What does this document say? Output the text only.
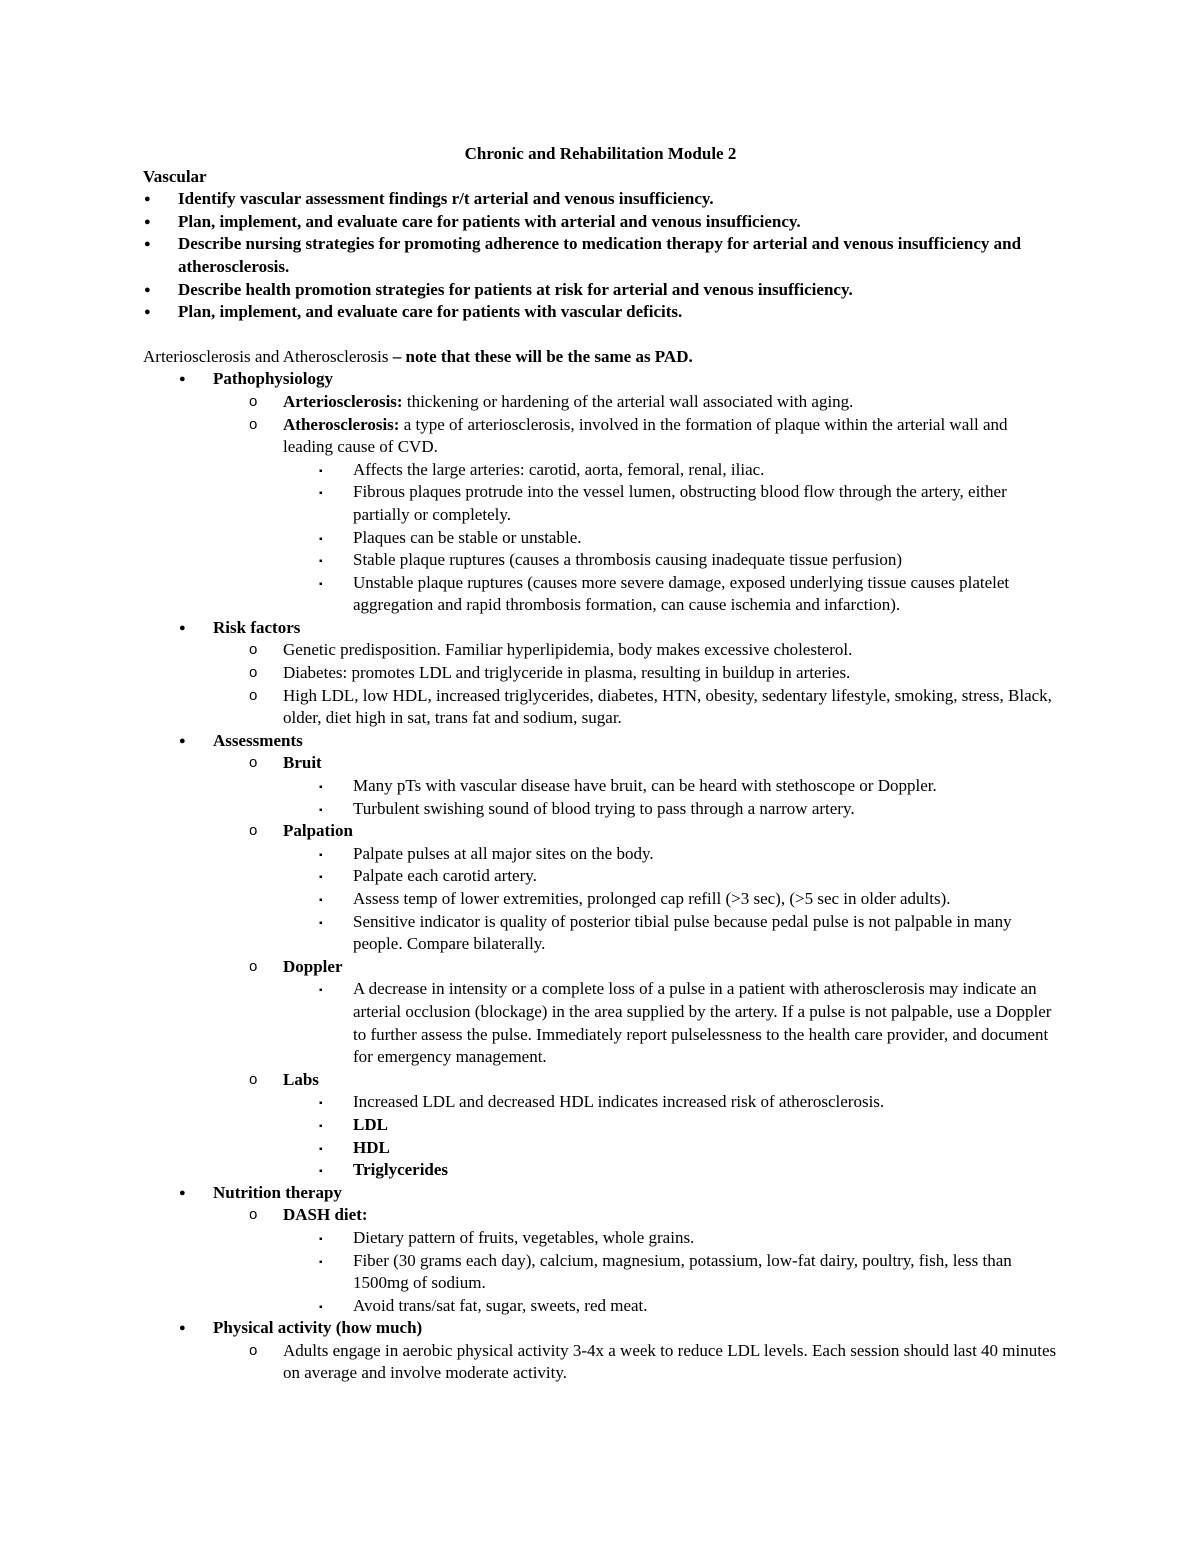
Chronic and Rehabilitation Module 2

Vascular

● Identify vascular assessment findings r/t arterial and venous insufficiency.
● Plan, implement, and evaluate care for patients with arterial and venous insufficiency.
● Describe nursing strategies for promoting adherence to medication therapy for arterial and venous insufficiency and atherosclerosis.
● Describe health promotion strategies for patients at risk for arterial and venous insufficiency.
● Plan, implement, and evaluate care for patients with vascular deficits.

Arteriosclerosis and Atherosclerosis – note that these will be the same as PAD.

● Pathophysiology
o Arteriosclerosis: thickening or hardening of the arterial wall associated with aging.
o Atherosclerosis: a type of arteriosclerosis, involved in the formation of plaque within the arterial wall and leading cause of CVD.
▪ Affects the large arteries: carotid, aorta, femoral, renal, iliac.
▪ Fibrous plaques protrude into the vessel lumen, obstructing blood flow through the artery, either partially or completely.
▪ Plaques can be stable or unstable.
▪ Stable plaque ruptures (causes a thrombosis causing inadequate tissue perfusion)
▪ Unstable plaque ruptures (causes more severe damage, exposed underlying tissue causes platelet aggregation and rapid thrombosis formation, can cause ischemia and infarction).
● Risk factors
o Genetic predisposition. Familiar hyperlipidemia, body makes excessive cholesterol.
o Diabetes: promotes LDL and triglyceride in plasma, resulting in buildup in arteries.
o High LDL, low HDL, increased triglycerides, diabetes, HTN, obesity, sedentary lifestyle, smoking, stress, Black, older, diet high in sat, trans fat and sodium, sugar.
● Assessments
o Bruit
▪ Many pTs with vascular disease have bruit, can be heard with stethoscope or Doppler.
▪ Turbulent swishing sound of blood trying to pass through a narrow artery.
o Palpation
▪ Palpate pulses at all major sites on the body.
▪ Palpate each carotid artery.
▪ Assess temp of lower extremities, prolonged cap refill (>3 sec), (>5 sec in older adults).
▪ Sensitive indicator is quality of posterior tibial pulse because pedal pulse is not palpable in many people. Compare bilaterally.
o Doppler
▪ A decrease in intensity or a complete loss of a pulse in a patient with atherosclerosis may indicate an arterial occlusion (blockage) in the area supplied by the artery. If a pulse is not palpable, use a Doppler to further assess the pulse. Immediately report pulselessness to the health care provider, and document for emergency management.
o Labs
▪ Increased LDL and decreased HDL indicates increased risk of atherosclerosis.
▪ LDL
▪ HDL
▪ Triglycerides
● Nutrition therapy
o DASH diet:
▪ Dietary pattern of fruits, vegetables, whole grains.
▪ Fiber (30 grams each day), calcium, magnesium, potassium, low-fat dairy, poultry, fish, less than 1500mg of sodium.
▪ Avoid trans/sat fat, sugar, sweets, red meat.
● Physical activity (how much)
o Adults engage in aerobic physical activity 3-4x a week to reduce LDL levels. Each session should last 40 minutes on average and involve moderate activity.
